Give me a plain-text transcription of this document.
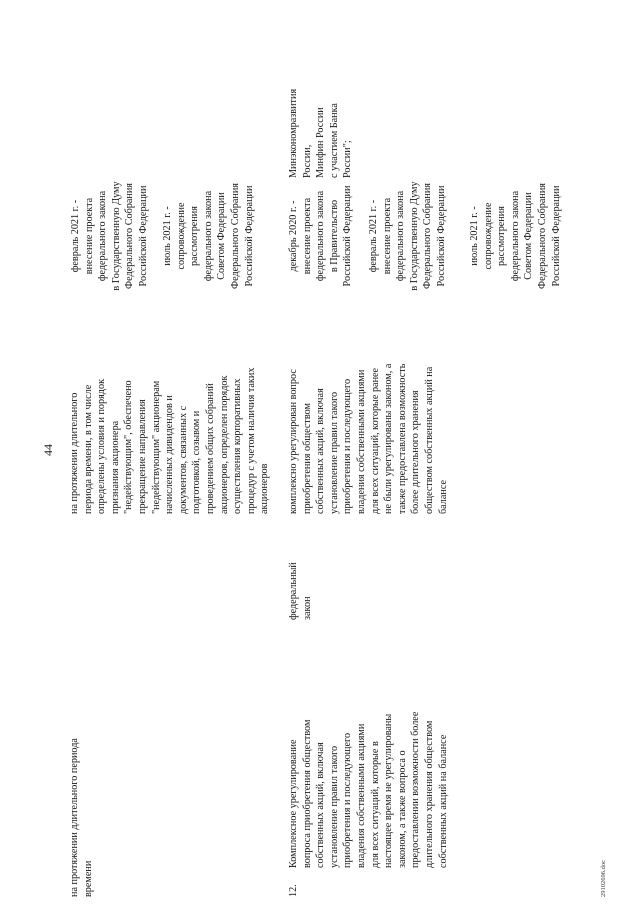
44
на протяжении длительного периода
времени
на протяжении длительного
периода времени, в том числе
определены условия и порядок
признания акционера
"недействующим", обеспечено
прекращение направления
"недействующим" акционерам
начисленных дивидендов и
документов, связанных с
подготовкой, созывом и
проведением общих собраний
акционеров, определен порядок
осуществления корпоративных
процедур с учетом наличия таких
акционеров
февраль 2021 г. -
внесение проекта
федерального закона
в Государственную Думу
Федерального Собрания
Российской Федерации
июль 2021 г. -
сопровождение
рассмотрения
федерального закона
Советом Федерации
Федерального Собрания
Российской Федерации
12.
Комплексное урегулирование
вопроса приобретения обществом
собственных акций, включая
установление правил такого
приобретения и последующего
владения собственными акциями
для всех ситуаций, которые в
настоящее время не урегулированы
законом, а также вопроса о
предоставлении возможности более
длительного хранения обществом
собственных акций на балансе
федеральный
закон
комплексно урегулирован вопрос
приобретения обществом
собственных акций, включая
установление правил такого
приобретения и последующего
владения собственными акциями
для всех ситуаций, которые ранее
не были урегулированы законом, а
также предоставлена возможность
более длительного хранения
обществом собственных акций на
балансе
декабрь 2020 г. -
внесение проекта
федерального закона
в Правительство
Российской Федерации
февраль 2021 г. -
внесение проекта
федерального закона
в Государственную Думу
Федерального Собрания
Российской Федерации
июль 2021 г. -
сопровождение
рассмотрения
федерального закона
Советом Федерации
Федерального Собрания
Российской Федерации
Минэкономразвития
России,
Минфин России
с участием Банка
России";
29102696.doc
